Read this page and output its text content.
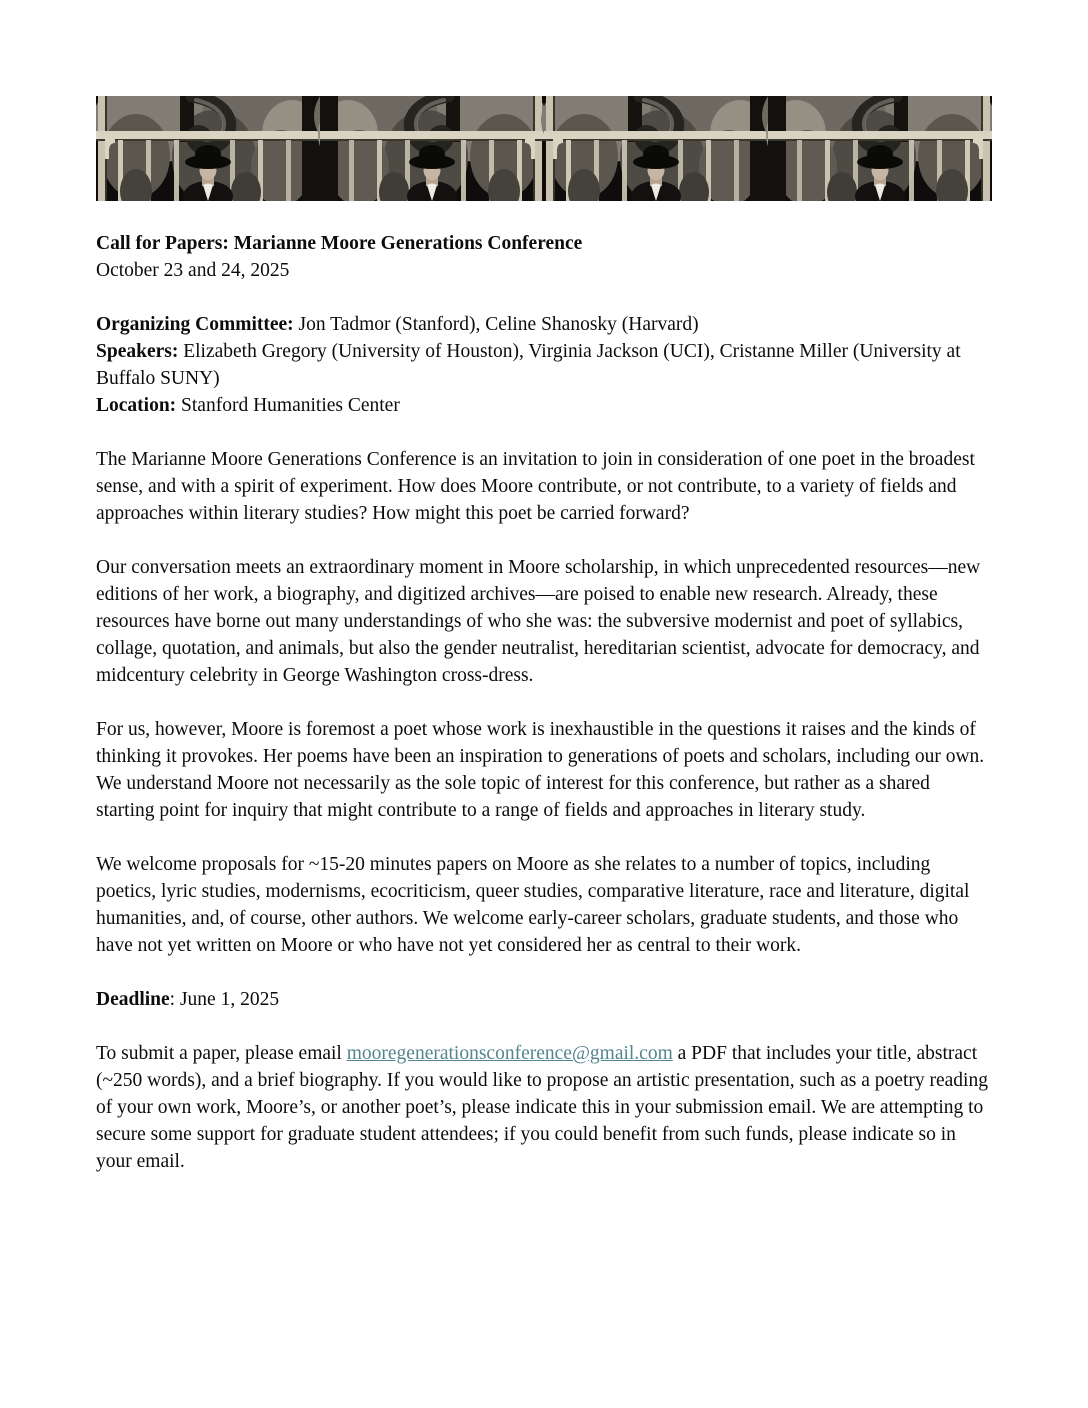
Call for Papers: Marianne Moore Generations Conference
October 23 and 24, 2025

Organizing Committee: Jon Tadmor (Stanford), Celine Shanosky (Harvard)
Speakers: Elizabeth Gregory (University of Houston), Virginia Jackson (UCI), Cristanne Miller (University at Buffalo SUNY)
Location: Stanford Humanities Center

The Marianne Moore Generations Conference is an invitation to join in consideration of one poet in the broadest sense, and with a spirit of experiment. How does Moore contribute, or not contribute, to a variety of fields and approaches within literary studies? How might this poet be carried forward?

Our conversation meets an extraordinary moment in Moore scholarship, in which unprecedented resources—new editions of her work, a biography, and digitized archives—are poised to enable new research. Already, these resources have borne out many understandings of who she was: the subversive modernist and poet of syllabics, collage, quotation, and animals, but also the gender neutralist, hereditarian scientist, advocate for democracy, and midcentury celebrity in George Washington cross-dress.

For us, however, Moore is foremost a poet whose work is inexhaustible in the questions it raises and the kinds of thinking it provokes. Her poems have been an inspiration to generations of poets and scholars, including our own. We understand Moore not necessarily as the sole topic of interest for this conference, but rather as a shared starting point for inquiry that might contribute to a range of fields and approaches in literary study.

We welcome proposals for ~15-20 minutes papers on Moore as she relates to a number of topics, including poetics, lyric studies, modernisms, ecocriticism, queer studies, comparative literature, race and literature, digital humanities, and, of course, other authors. We welcome early-career scholars, graduate students, and those who have not yet written on Moore or who have not yet considered her as central to their work.

Deadline: June 1, 2025

To submit a paper, please email mooregenerationsconference@gmail.com a PDF that includes your title, abstract (~250 words), and a brief biography. If you would like to propose an artistic presentation, such as a poetry reading of your own work, Moore’s, or another poet’s, please indicate this in your submission email. We are attempting to secure some support for graduate student attendees; if you could benefit from such funds, please indicate so in your email.
